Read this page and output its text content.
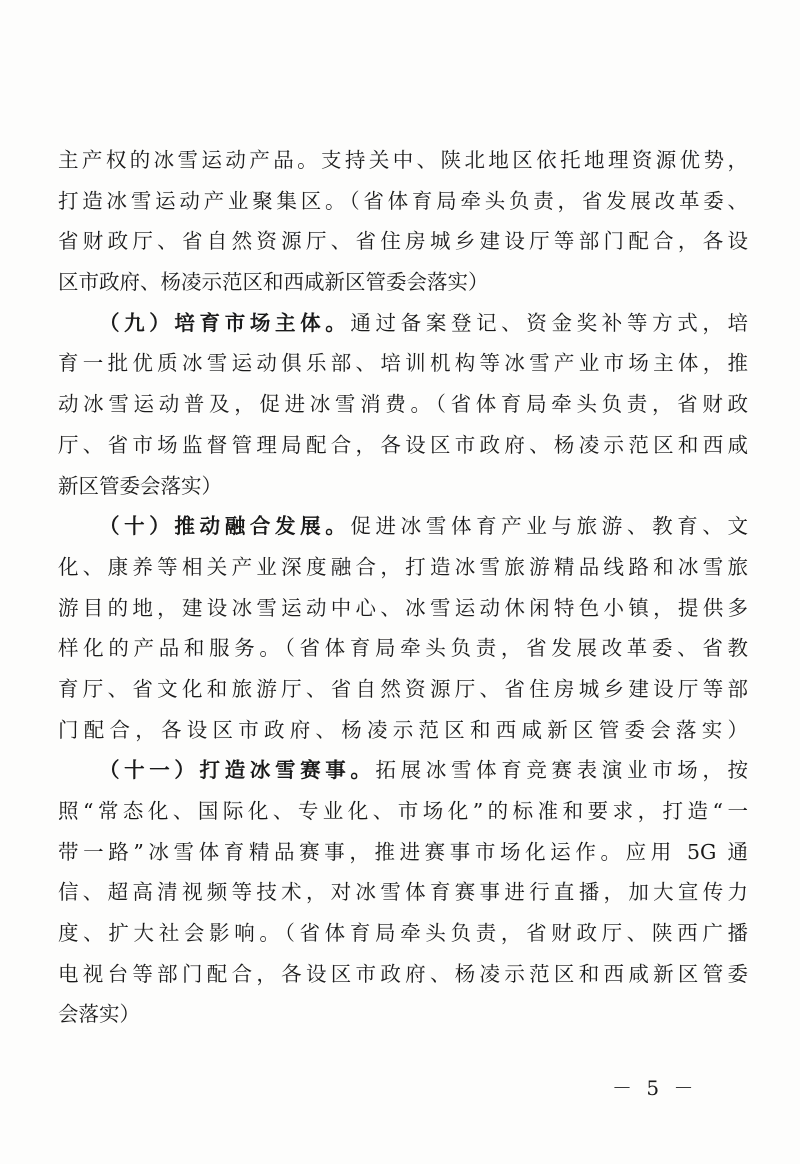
主产权的冰雪运动产品。支持关中、陕北地区依托地理资源优势，
打造冰雪运动产业聚集区。（省体育局牵头负责，省发展改革委、
省财政厅、省自然资源厅、省住房城乡建设厅等部门配合，各设
区市政府、杨凌示范区和西咸新区管委会落实）
（九）培育市场主体。通过备案登记、资金奖补等方式，培
育一批优质冰雪运动俱乐部、培训机构等冰雪产业市场主体，推
动冰雪运动普及，促进冰雪消费。（省体育局牵头负责，省财政
厅、省市场监督管理局配合，各设区市政府、杨凌示范区和西咸
新区管委会落实）
（十）推动融合发展。促进冰雪体育产业与旅游、教育、文
化、康养等相关产业深度融合，打造冰雪旅游精品线路和冰雪旅
游目的地，建设冰雪运动中心、冰雪运动休闲特色小镇，提供多
样化的产品和服务。（省体育局牵头负责，省发展改革委、省教
育厅、省文化和旅游厅、省自然资源厅、省住房城乡建设厅等部
门配合，各设区市政府、杨凌示范区和西咸新区管委会落实）
（十一）打造冰雪赛事。拓展冰雪体育竞赛表演业市场，按
照“常态化、国际化、专业化、市场化”的标准和要求，打造“一
带一路”冰雪体育精品赛事，推进赛事市场化运作。应用 5G 通
信、超高清视频等技术，对冰雪体育赛事进行直播，加大宣传力
度、扩大社会影响。（省体育局牵头负责，省财政厅、陕西广播
电视台等部门配合，各设区市政府、杨凌示范区和西咸新区管委
会落实）
－ 5 －
